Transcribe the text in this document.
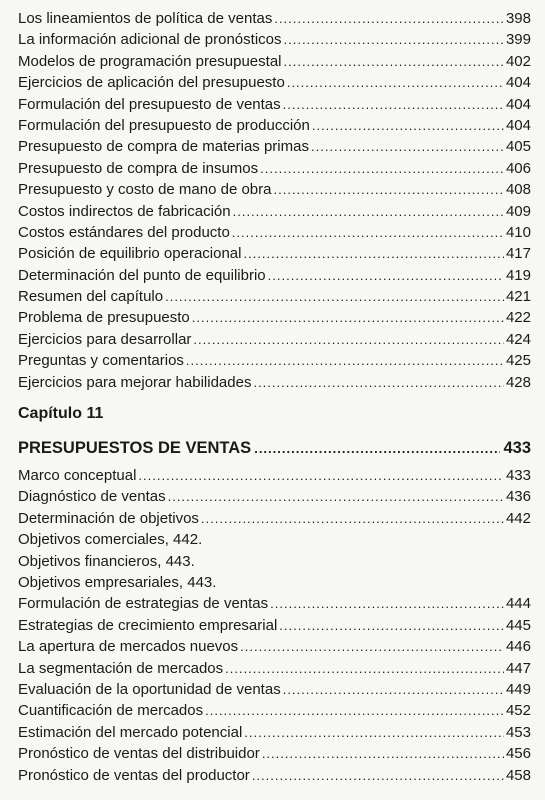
Los lineamientos de política de ventas .....	398
La información adicional de pronósticos .....	399
Modelos de programación presupuestal .....	402
Ejercicios de aplicación del presupuesto .....	404
Formulación del presupuesto de ventas .....	404
Formulación del presupuesto de producción .....	404
Presupuesto de compra de materias primas .....	405
Presupuesto de compra de insumos .....	406
Presupuesto y costo de mano de obra .....	408
Costos indirectos de fabricación .....	409
Costos estándares del producto .....	410
Posición de equilibrio operacional .....	417
Determinación del punto de equilibrio .....	419
Resumen del capítulo .....	421
Problema de presupuesto .....	422
Ejercicios para desarrollar .....	424
Preguntas y comentarios .....	425
Ejercicios para mejorar habilidades .....	428
Capítulo 11
PRESUPUESTOS DE VENTAS .....	433
Marco conceptual .....	433
Diagnóstico de ventas .....	436
Determinación de objetivos .....	442
Objetivos comerciales, 442.
Objetivos financieros, 443.
Objetivos empresariales, 443.
Formulación de estrategias de ventas .....	444
Estrategias de crecimiento empresarial .....	445
La apertura de mercados nuevos .....	446
La segmentación de mercados .....	447
Evaluación de la oportunidad de ventas .....	449
Cuantificación de mercados .....	452
Estimación del mercado potencial .....	453
Pronóstico de ventas del distribuidor .....	456
Pronóstico de ventas del productor .....	458
